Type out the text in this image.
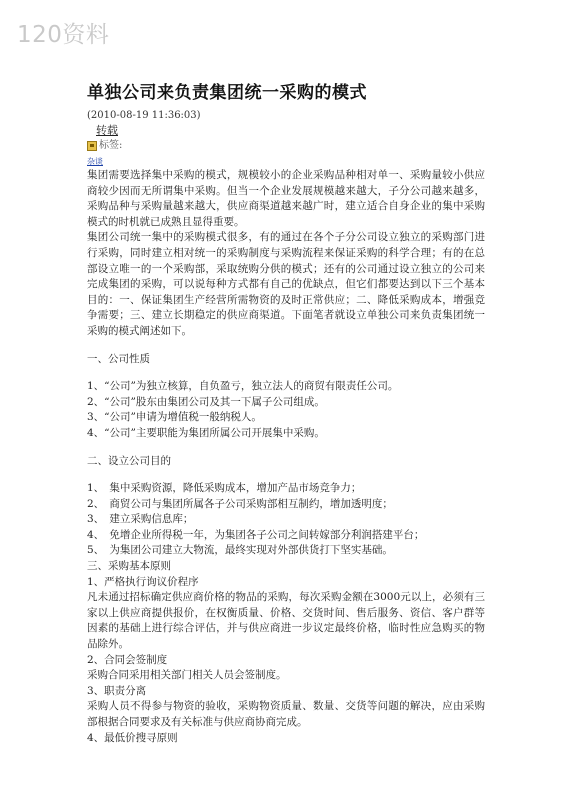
120资料
单独公司来负责集团统一采购的模式
(2010-08-19 11:36:03)
转载
标签:
杂谈

集团需要选择集中采购的模式，规模较小的企业采购品种相对单一、采购量较小供应商较少因而无所谓集中采购。但当一个企业发展规模越来越大，子分公司越来越多，采购品种与采购量越来越大，供应商渠道越来越广时，建立适合自身企业的集中采购模式的时机就已成熟且显得重要。

集团公司统一集中的采购模式很多，有的通过在各个子分公司设立独立的采购部门进行采购，同时建立相对统一的采购制度与采购流程来保证采购的科学合理；有的在总部设立唯一的一个采购部，采取统购分供的模式；还有的公司通过设立独立的公司来完成集团的采购，可以说每种方式都有自己的优缺点，但它们都要达到以下三个基本目的：一、保证集团生产经营所需物资的及时正常供应；二、降低采购成本，增强竞争需要；三、建立长期稳定的供应商渠道。下面笔者就设立单独公司来负责集团统一采购的模式阐述如下。

一、公司性质

1、“公司”为独立核算，自负盈亏，独立法人的商贸有限责任公司。

2、“公司”股东由集团公司及其一下属子公司组成。

3、“公司”申请为增值税一般纳税人。

4、“公司”主要职能为集团所属公司开展集中采购。

二、设立公司目的

1、　集中采购资源，降低采购成本，增加产品市场竞争力；

2、　商贸公司与集团所属各子公司采购部相互制约，增加透明度；

3、　建立采购信息库；

4、　免增企业所得税一年，为集团各子公司之间转嫁部分利润搭建平台；

5、　为集团公司建立大物流，最终实现对外部供货打下坚实基础。

三、采购基本原则

1、严格执行询议价程序

凡未通过招标确定供应商价格的物品的采购，每次采购金额在3000元以上，必须有三家以上供应商提供报价，在权衡质量、价格、交货时间、售后服务、资信、客户群等因素的基础上进行综合评估，并与供应商进一步议定最终价格，临时性应急购买的物品除外。

2、合同会签制度

采购合同采用相关部门相关人员会签制度。

3、职责分离

采购人员不得参与物资的验收，采购物资质量、数量、交货等问题的解决，应由采购部根据合同要求及有关标准与供应商协商完成。

4、最低价搜寻原则
